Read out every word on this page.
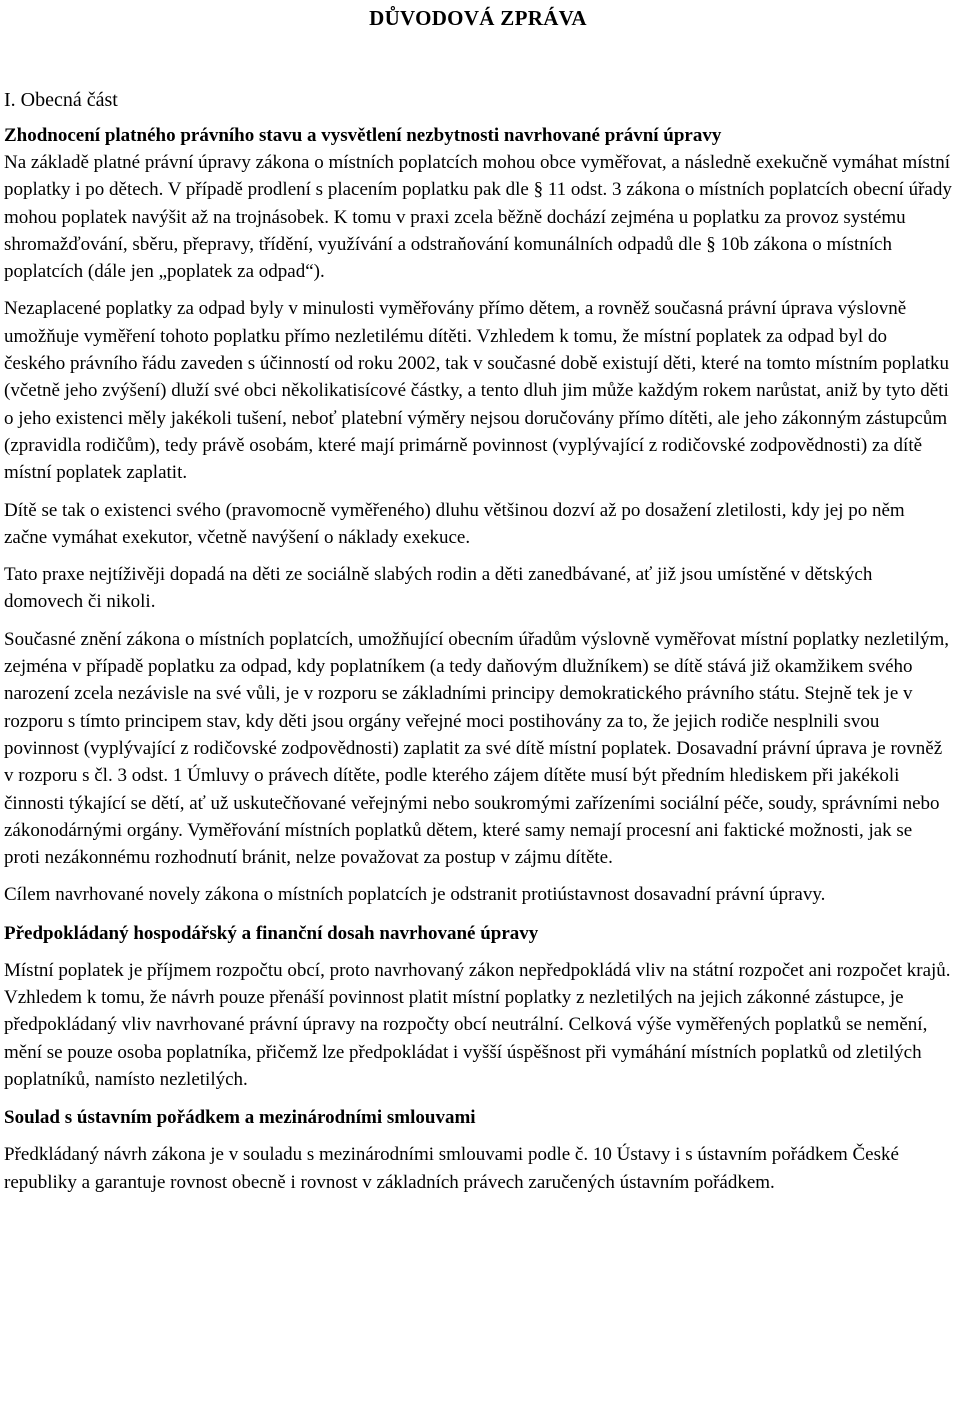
DŮVODOVÁ ZPRÁVA
I. Obecná část
Zhodnocení platného právního stavu a vysvětlení nezbytnosti navrhované právní úpravy

Na základě platné právní úpravy zákona o místních poplatcích mohou obce vyměřovat, a následně exekučně vymáhat místní poplatky i po dětech. V případě prodlení s placením poplatku pak dle § 11 odst. 3 zákona o místních poplatcích obecní úřady mohou poplatek navýšit až na trojnásobek. K tomu v praxi zcela běžně dochází zejména u poplatku za provoz systému shromažďování, sběru, přepravy, třídění, využívání a odstraňování komunálních odpadů dle § 10b zákona o místních poplatcích (dále jen „poplatek za odpad“).

Nezaplacené poplatky za odpad byly v minulosti vyměřovány přímo dětem, a rovněž současná právní úprava výslovně umožňuje vyměření tohoto poplatku přímo nezletilému dítěti. Vzhledem k tomu, že místní poplatek za odpad byl do českého právního řádu zaveden s účinností od roku 2002, tak v současné době existují děti, které na tomto místním poplatku (včetně jeho zvýšení) dluží své obci několikatisícové částky, a tento dluh jim může každým rokem narůstat, aniž by tyto děti o jeho existenci měly jakékoli tušení, neboť platební výměry nejsou doručovány přímo dítěti, ale jeho zákonným zástupcům (zpravidla rodičům), tedy právě osobám, které mají primárně povinnost (vyplývající z rodičovské zodpovědnosti) za dítě místní poplatek zaplatit.

Dítě se tak o existenci svého (pravomocně vyměřeného) dluhu většinou dozví až po dosažení zletilosti, kdy jej po něm začne vymáhat exekutor, včetně navýšení o náklady exekuce.

Tato praxe nejtíživěji dopadá na děti ze sociálně slabých rodin a děti zanedbávané, ať již jsou umístěné v dětských domovech či nikoli.

Současné znění zákona o místních poplatcích, umožňující obecním úřadům výslovně vyměřovat místní poplatky nezletilým, zejména v případě poplatku za odpad, kdy poplatníkem (a tedy daňovým dlužníkem) se dítě stává již okamžikem svého narození zcela nezávisle na své vůli, je v rozporu se základními principy demokratického právního státu. Stejně tek je v rozporu s tímto principem stav, kdy děti jsou orgány veřejné moci postihovány za to, že jejich rodiče nesplnili svou povinnost (vyplývající z rodičovské zodpovědnosti) zaplatit za své dítě místní poplatek. Dosavadní právní úprava je rovněž v rozporu s čl. 3 odst. 1 Úmluvy o právech dítěte, podle kterého zájem dítěte musí být předním hlediskem při jakékoli činnosti týkající se dětí, ať už uskutečňované veřejnými nebo soukromými zařízeními sociální péče, soudy, správními nebo zákonodárnými orgány. Vyměřování místních poplatků dětem, které samy nemají procesní ani faktické možnosti, jak se proti nezákonnému rozhodnutí bránit, nelze považovat za postup v zájmu dítěte.

Cílem navrhované novely zákona o místních poplatcích je odstranit protiústavnost dosavadní právní úpravy.

Předpokládaný hospodářský a finanční dosah navrhované úpravy

Místní poplatek je příjmem rozpočtu obcí, proto navrhovaný zákon nepředpokládá vliv na státní rozpočet ani rozpočet krajů. Vzhledem k tomu, že návrh pouze přenáší povinnost platit místní poplatky z nezletilých na jejich zákonné zástupce, je předpokládaný vliv navrhované právní úpravy na rozpočty obcí neutrální. Celková výše vyměřených poplatků se nemění, mění se pouze osoba poplatníka, přičemž lze předpokládat i vyšší úspěšnost při vymáhání místních poplatků od zletilých poplatníků, namísto nezletilých.

Soulad s ústavním pořádkem a mezinárodními smlouvami

Předkládaný návrh zákona je v souladu s mezinárodními smlouvami podle č. 10 Ústavy i s ústavním pořádkem České republiky a garantuje rovnost obecně i rovnost v základních právech zaručených ústavním pořádkem.
